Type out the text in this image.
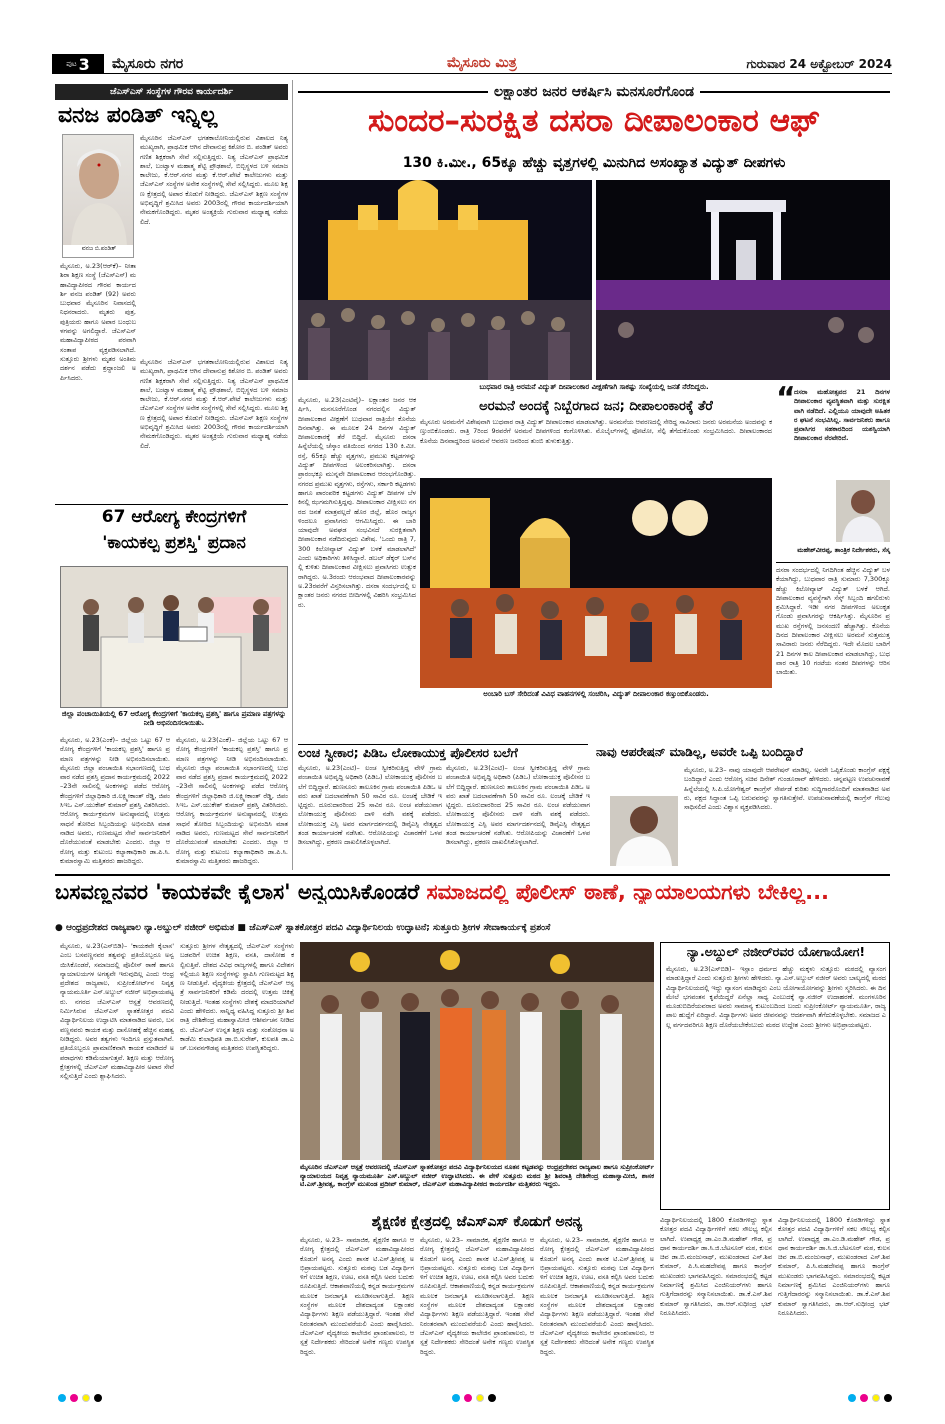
ಪುಟ 3 ಮೈಸೂರು ನಗರ	ಮೈಸೂರು ಮಿತ್ರ	ಗುರುವಾರ 24 ಅಕ್ಟೋಬರ್ 2024
ಜೆಎಸ್‌ಎಸ್ ಸಂಸ್ಥೆಗಳ ಗೌರವ ಕಾರ್ಯದರ್ಶಿ
ವನಜ ಪಂಡಿತ್ ಇನ್ನಿಲ್ಲ
ವನಜ ಬಿ.ಪಂಡಿತ್
ಮೈಸೂರಿನ ಜೆಎಸ್‌ಎಸ್ ಭಗತಕಾಲೋನಿಯಲ್ಲಿರುವ ವಿಶಾಲದ ನಿತ್ಯ ಮುಖ್ಯರಾಗಿ, ಪ್ರಾಥಮಿಕ ಆಗಿನ ದೇವಾನುಪ್ರ ಕಿಶೋರ ಬಿ. ಪಂಡಿತ್ ಅವರು ಗಣಿತ ಶಿಕ್ಷಕರಾಗಿ ಸೇವೆ ಸಲ್ಲಿಸುತ್ತಿದ್ದರು. ನಿತ್ಯ ಜೆಎಸ್‌ಎಸ್ ಪ್ರಾಥಮಿಕ ಶಾಲೆ, ಬಂಟ್ವಾಳ ಮಹಾತ್ಮ ಶೆಟ್ಟಿ ಪ್ರೌಢಶಾಲೆ, ಬಿಬ್ಬಿಸ್ಥಳದ ಬಳಿ ಸಮಾಜ ಕಾಲೇಜು, ಕೆ.ಆರ್.ನಗರ ಮತ್ತು ಕೆ.ಆರ್.ಪೇಟೆ ಕಾಲೇಜುಗಳು ಮತ್ತು ಜೆಎಸ್‌ಎಸ್ ಸಂಸ್ಥೆಗಳ ಅನೇಕ ಸಂಸ್ಥೆಗಳಲ್ಲಿ ಸೇವೆ ಸಲ್ಲಿಸಿದ್ದರು. ಮೂಲ ಶಿಕ್ಷಣ ಕ್ಷೇತ್ರದಲ್ಲಿ ಅಪಾರ ಕೊಡುಗೆ ನೀಡಿದ್ದರು. ಜೆಎಸ್‌ಎಸ್ ಶಿಕ್ಷಣ ಸಂಸ್ಥೆಗಳ ಅಭಿವೃದ್ಧಿಗೆ ಶ್ರಮಿಸಿದ ಅವರು 2003ರಲ್ಲಿ ಗೌರವ ಕಾರ್ಯದರ್ಶಿಯಾಗಿ ನೇಮಕಗೊಂಡಿದ್ದರು. ಮೃತರ ಅಂತ್ಯಕ್ರಿಯೆ ಗುರುವಾರ ಮಧ್ಯಾಹ್ನ ನಡೆಯಲಿದೆ.
ಮೈಸೂರು, ಅ.23(ಆರ್‌ಕೆ)– ನೀತಾ ಶಿರಾ ಶಿಕ್ಷಣ ಸಂಸ್ಥೆ (ಜೆಎಸ್‌ಎಸ್) ಮಹಾವಿದ್ಯಾಪೀಠದ ಗೌರವ ಕಾರ್ಯದರ್ಶಿ ವನಜ ಪಂಡಿತ್ (92) ಅವರು ಬುಧವಾರ ಮೈಸೂರಿನ ನಿವಾಸದಲ್ಲಿ ನಿಧನರಾದರು. ಮೃತರು ಪುತ್ರ, ಪುತ್ರಿಯರು ಹಾಗೂ ಅಪಾರ ಬಂಧುಬಳಗವನ್ನು ಅಗಲಿದ್ದಾರೆ. ಜೆಎಸ್‌ಎಸ್ ಮಹಾವಿದ್ಯಾಪೀಠದ ಪರವಾಗಿ ಸಂತಾಪ ವ್ಯಕ್ತಪಡಿಸಲಾಗಿದೆ. ಸುತ್ತೂರು ಶ್ರೀಗಳು ಮೃತರ ಅಂತಿಮ ದರ್ಶನ ಪಡೆದು ಶ್ರದ್ಧಾಂಜಲಿ ಅರ್ಪಿಸಿದರು.
ಮೈಸೂರಿನ ಜೆಎಸ್‌ಎಸ್ ಭಗತಕಾಲೋನಿಯಲ್ಲಿರುವ ವಿಶಾಲದ ನಿತ್ಯ ಮುಖ್ಯರಾಗಿ, ಪ್ರಾಥಮಿಕ ಆಗಿನ ದೇವಾನುಪ್ರ ಕಿಶೋರ ಬಿ. ಪಂಡಿತ್ ಅವರು ಗಣಿತ ಶಿಕ್ಷಕರಾಗಿ ಸೇವೆ ಸಲ್ಲಿಸುತ್ತಿದ್ದರು. ನಿತ್ಯ ಜೆಎಸ್‌ಎಸ್ ಪ್ರಾಥಮಿಕ ಶಾಲೆ, ಬಂಟ್ವಾಳ ಮಹಾತ್ಮ ಶೆಟ್ಟಿ ಪ್ರೌಢಶಾಲೆ, ಬಿಬ್ಬಿಸ್ಥಳದ ಬಳಿ ಸಮಾಜ ಕಾಲೇಜು, ಕೆ.ಆರ್.ನಗರ ಮತ್ತು ಕೆ.ಆರ್.ಪೇಟೆ ಕಾಲೇಜುಗಳು ಮತ್ತು ಜೆಎಸ್‌ಎಸ್ ಸಂಸ್ಥೆಗಳ ಅನೇಕ ಸಂಸ್ಥೆಗಳಲ್ಲಿ ಸೇವೆ ಸಲ್ಲಿಸಿದ್ದರು. ಮೂಲ ಶಿಕ್ಷಣ ಕ್ಷೇತ್ರದಲ್ಲಿ ಅಪಾರ ಕೊಡುಗೆ ನೀಡಿದ್ದರು. ಜೆಎಸ್‌ಎಸ್ ಶಿಕ್ಷಣ ಸಂಸ್ಥೆಗಳ ಅಭಿವೃದ್ಧಿಗೆ ಶ್ರಮಿಸಿದ ಅವರು 2003ರಲ್ಲಿ ಗೌರವ ಕಾರ್ಯದರ್ಶಿಯಾಗಿ ನೇಮಕಗೊಂಡಿದ್ದರು. ಮೃತರ ಅಂತ್ಯಕ್ರಿಯೆ ಗುರುವಾರ ಮಧ್ಯಾಹ್ನ ನಡೆಯಲಿದೆ.
67 ಆರೋಗ್ಯ ಕೇಂದ್ರಗಳಿಗೆ
'ಕಾಯಕಲ್ಪ ಪ್ರಶಸ್ತಿ' ಪ್ರದಾನ
ಜಿಲ್ಲಾ ಪಂಚಾಯಿತಿಯಲ್ಲಿ 67 ಆರೋಗ್ಯ ಕೇಂದ್ರಗಳಿಗೆ 'ಕಾಯಕಲ್ಪ ಪ್ರಶಸ್ತಿ' ಹಾಗೂ ಪ್ರಮಾಣ ಪತ್ರಗಳನ್ನು ನೀಡಿ ಅಭಿನಂದಿಸಲಾಯಿತು.
ಮೈಸೂರು, ಅ.23(ಎಂಕೆ)– ಜಿಲ್ಲೆಯ ಒಟ್ಟು 67 ಆರೋಗ್ಯ ಕೇಂದ್ರಗಳಿಗೆ 'ಕಾಯಕಲ್ಪ ಪ್ರಶಸ್ತಿ' ಹಾಗೂ ಪ್ರಮಾಣ ಪತ್ರಗಳನ್ನು ನೀಡಿ ಅಭಿನಂದಿಸಲಾಯಿತು. ಮೈಸೂರು ಜಿಲ್ಲಾ ಪಂಚಾಯಿತಿ ಸಭಾಂಗಣದಲ್ಲಿ ಬುಧವಾರ ನಡೆದ ಪ್ರಶಸ್ತಿ ಪ್ರದಾನ ಕಾರ್ಯಕ್ರಮದಲ್ಲಿ 2022–23ನೇ ಸಾಲಿನಲ್ಲಿ ಅಂಕಗಳನ್ನು ಪಡೆದ ಆರೋಗ್ಯ ಕೇಂದ್ರಗಳಿಗೆ ಜಿಲ್ಲಾಧಿಕಾರಿ ಜಿ.ಲಕ್ಷ್ಮೀಕಾಂತ್ ರೆಡ್ಡಿ, ಜಿಪಂ ಸಿಇಒ ಎಸ್.ಯುಕೇಶ್ ಕುಮಾರ್ ಪ್ರಶಸ್ತಿ ವಿತರಿಸಿದರು. ಆರೋಗ್ಯ ಕಾರ್ಯಕ್ರಮಗಳ ಅನುಷ್ಠಾನದಲ್ಲಿ ಉತ್ತಮ ಸಾಧನೆ ತೋರಿದ ಸಿಬ್ಬಂದಿಯನ್ನು ಅಭಿನಂದಿಸಿ ಮಾತನಾಡಿದ ಅವರು, ಗುಣಮಟ್ಟದ ಸೇವೆ ಸಾರ್ವಜನಿಕರಿಗೆ ದೊರೆಯುವಂತೆ ಮಾಡಬೇಕು ಎಂದರು. ಜಿಲ್ಲಾ ಆರೋಗ್ಯ ಮತ್ತು ಕುಟುಂಬ ಕಲ್ಯಾಣಾಧಿಕಾರಿ ಡಾ.ಪಿ.ಸಿ.ಕುಮಾರಸ್ವಾಮಿ ಮತ್ತಿತರರು ಹಾಜರಿದ್ದರು.
ಮೈಸೂರು, ಅ.23(ಎಂಕೆ)– ಜಿಲ್ಲೆಯ ಒಟ್ಟು 67 ಆರೋಗ್ಯ ಕೇಂದ್ರಗಳಿಗೆ 'ಕಾಯಕಲ್ಪ ಪ್ರಶಸ್ತಿ' ಹಾಗೂ ಪ್ರಮಾಣ ಪತ್ರಗಳನ್ನು ನೀಡಿ ಅಭಿನಂದಿಸಲಾಯಿತು. ಮೈಸೂರು ಜಿಲ್ಲಾ ಪಂಚಾಯಿತಿ ಸಭಾಂಗಣದಲ್ಲಿ ಬುಧವಾರ ನಡೆದ ಪ್ರಶಸ್ತಿ ಪ್ರದಾನ ಕಾರ್ಯಕ್ರಮದಲ್ಲಿ 2022–23ನೇ ಸಾಲಿನಲ್ಲಿ ಅಂಕಗಳನ್ನು ಪಡೆದ ಆರೋಗ್ಯ ಕೇಂದ್ರಗಳಿಗೆ ಜಿಲ್ಲಾಧಿಕಾರಿ ಜಿ.ಲಕ್ಷ್ಮೀಕಾಂತ್ ರೆಡ್ಡಿ, ಜಿಪಂ ಸಿಇಒ ಎಸ್.ಯುಕೇಶ್ ಕುಮಾರ್ ಪ್ರಶಸ್ತಿ ವಿತರಿಸಿದರು. ಆರೋಗ್ಯ ಕಾರ್ಯಕ್ರಮಗಳ ಅನುಷ್ಠಾನದಲ್ಲಿ ಉತ್ತಮ ಸಾಧನೆ ತೋರಿದ ಸಿಬ್ಬಂದಿಯನ್ನು ಅಭಿನಂದಿಸಿ ಮಾತನಾಡಿದ ಅವರು, ಗುಣಮಟ್ಟದ ಸೇವೆ ಸಾರ್ವಜನಿಕರಿಗೆ ದೊರೆಯುವಂತೆ ಮಾಡಬೇಕು ಎಂದರು. ಜಿಲ್ಲಾ ಆರೋಗ್ಯ ಮತ್ತು ಕುಟುಂಬ ಕಲ್ಯಾಣಾಧಿಕಾರಿ ಡಾ.ಪಿ.ಸಿ.ಕುಮಾರಸ್ವಾಮಿ ಮತ್ತಿತರರು ಹಾಜರಿದ್ದರು.
ಲಕ್ಷಾಂತರ ಜನರ ಆಕರ್ಷಿಸಿ ಮನಸೂರೆಗೊಂಡ
ಸುಂದರ–ಸುರಕ್ಷಿತ ದಸರಾ ದೀಪಾಲಂಕಾರ ಆಫ್
130 ಕಿ.ಮೀ., 65ಕ್ಕೂ ಹೆಚ್ಚು ವೃತ್ತಗಳಲ್ಲಿ ಮಿನುಗಿದ ಅಸಂಖ್ಯಾತ ವಿದ್ಯುತ್ ದೀಪಗಳು
ಬುಧವಾರ ರಾತ್ರಿ ಅರಮನೆ ವಿದ್ಯುತ್ ದೀಪಾಲಂಕಾರ ವೀಕ್ಷಣೆಗಾಗಿ ಸಾಕಷ್ಟು ಸಂಖ್ಯೆಯಲ್ಲಿ ಜನತೆ ನೆರೆದಿದ್ದರು.
ಮೈಸೂರು, ಅ.23(ಎಂಟಿವೈ)– ಲಕ್ಷಾಂತರ ಜನರ ಆಕರ್ಷಿಸಿ, ಮನಸೂರೆಗೊಂಡ ನಗರದಲ್ಲಿನ ವಿದ್ಯುತ್ ದೀಪಾಲಂಕಾರ ವೀಕ್ಷಣೆಗೆ ಬುಧವಾರ ರಾತ್ರಿಯೇ ಕೊನೆಯ ದಿನವಾಗಿತ್ತು. ಈ ಮೂಲಕ 24 ದಿನಗಳ ವಿದ್ಯುತ್ ದೀಪಾಲಂಕಾರಕ್ಕೆ ತೆರೆ ಬಿದ್ದಿದೆ. ಮೈಸೂರು ದಸರಾ ಹಿನ್ನೆಲೆಯಲ್ಲಿ ಚೆಸ್ಕಾಂ ವತಿಯಿಂದ ನಗರದ 130 ಕಿ.ಮೀ. ರಸ್ತೆ, 65ಕ್ಕೂ ಹೆಚ್ಚು ವೃತ್ತಗಳು, ಪ್ರಮುಖ ಕಟ್ಟಡಗಳನ್ನು ವಿದ್ಯುತ್ ದೀಪಗಳಿಂದ ಅಲಂಕರಿಸಲಾಗಿತ್ತು. ದಸರಾ ಪ್ರಾರಂಭಕ್ಕೂ ಮುನ್ನವೇ ದೀಪಾಲಂಕಾರ ಆರಂಭಗೊಂಡಿತ್ತು. ನಗರದ ಪ್ರಮುಖ ವೃತ್ತಗಳು, ರಸ್ತೆಗಳು, ಸರ್ಕಾರಿ ಕಟ್ಟಡಗಳು ಹಾಗೂ ಪಾರಂಪರಿಕ ಕಟ್ಟಡಗಳು ವಿದ್ಯುತ್ ದೀಪಗಳ ಬೆಳಕಿನಲ್ಲಿ ಝಗಮಗಿಸುತ್ತಿದ್ದವು. ದೀಪಾಲಂಕಾರ ವೀಕ್ಷಿಸಲು ನಗರದ ಜನತೆ ಮಾತ್ರವಲ್ಲದೆ ಹೊರ ಜಿಲ್ಲೆ, ಹೊರ ರಾಜ್ಯಗಳಿಂದಲೂ ಪ್ರವಾಸಿಗರು ಆಗಮಿಸಿದ್ದರು. ಈ ಬಾರಿ ಯಾವುದೇ ಅವಘಡ ಸಂಭವಿಸದೆ ಸುರಕ್ಷಿತವಾಗಿ ದೀಪಾಲಂಕಾರ ನಡೆದಿರುವುದು ವಿಶೇಷ. 'ಒಂದು ರಾತ್ರಿ 7,300 ಕಿಲೋವ್ಯಾಟ್ ವಿದ್ಯುತ್ ಬಳಕೆ ಮಾಡಲಾಗಿದೆ' ಎಂದು ಅಧಿಕಾರಿಗಳು ತಿಳಿಸಿದ್ದಾರೆ. ಡಬಲ್ ಡೆಕ್ಕರ್ ಬಸ್‌ನಲ್ಲಿ ಕುಳಿತು ದೀಪಾಲಂಕಾರ ವೀಕ್ಷಿಸಲು ಪ್ರವಾಸಿಗರು ಉತ್ಸುಕರಾಗಿದ್ದರು. ಅ.3ರಂದು ಆರಂಭವಾದ ದೀಪಾಲಂಕಾರವನ್ನು ಅ.23ರವರೆಗೆ ವಿಸ್ತರಿಸಲಾಗಿತ್ತು. ದಸರಾ ಸಂದರ್ಭದಲ್ಲಿ ಲಕ್ಷಾಂತರ ಜನರು ನಗರದ ಬೀದಿಗಳಲ್ಲಿ ವಿಹರಿಸಿ ಸಂಭ್ರಮಿಸಿದರು.
ಅರಮನೆ ಅಂದಕ್ಕೆ ನಿಬ್ಬೆರಗಾದ ಜನ; ದೀಪಾಲಂಕಾರಕ್ಕೆ ತೆರೆ
ಮೈಸೂರು ಅರಮನೆಗೆ ವಿಶೇಷವಾಗಿ ಬುಧವಾರ ರಾತ್ರಿ ವಿದ್ಯುತ್ ದೀಪಾಲಂಕಾರ ಮಾಡಲಾಗಿತ್ತು. ಅರಮನೆಯ ಆವರಣದಲ್ಲಿ ಸೇರಿದ್ದ ಸಾವಿರಾರು ಜನರು ಅರಮನೆಯ ಅಂದವನ್ನು ಕಣ್ತುಂಬಿಕೊಂಡರು. ರಾತ್ರಿ 7ರಿಂದ 9ರವರೆಗೆ ಅರಮನೆ ದೀಪಗಳಿಂದ ಕಂಗೊಳಿಸಿತು. ಮೊಬೈಲ್‌ಗಳಲ್ಲಿ ಫೋಟೋ, ಸೆಲ್ಫಿ ತೆಗೆದುಕೊಂಡು ಸಂಭ್ರಮಿಸಿದರು. ದೀಪಾಲಂಕಾರದ ಕೊನೆಯ ದಿನವಾದ್ದರಿಂದ ಅರಮನೆ ಆವರಣ ಜನರಿಂದ ತುಂಬಿ ತುಳುಕುತ್ತಿತ್ತು.
ಅಂಬಾರಿ ಬಸ್ ಸೇರಿದಂತೆ ವಿವಿಧ ವಾಹನಗಳಲ್ಲಿ ಸಂಚರಿಸಿ, ವಿದ್ಯುತ್ ದೀಪಾಲಂಕಾರ ಕಣ್ತುಂಬಿಕೊಂಡರು.
“
ದಸರಾ ಮಹೋತ್ಸವದ 21 ದಿನಗಳ ದೀಪಾಲಂಕಾರ ವ್ಯವಸ್ಥಿತವಾಗಿ ಮತ್ತು ಸುರಕ್ಷಿತವಾಗಿ ನಡೆದಿದೆ. ಎಲ್ಲಿಯೂ ಯಾವುದೇ ಅಹಿತಕರ ಘಟನೆ ಸಂಭವಿಸಿಲ್ಲ. ಸಾರ್ವಜನಿಕರು ಹಾಗೂ ಪ್ರವಾಸಿಗರ ಸಹಕಾರದಿಂದ ಯಶಸ್ವಿಯಾಗಿ ದೀಪಾಲಂಕಾರ ನೆರವೇರಿದೆ.
ಮಹೇಶ್‌ವೀರಪ್ಪ, ತಾಂತ್ರಿಕ ನಿರ್ದೇಶಕರು, ಸೆಸ್ಕ
ದಸರಾ ಸಂದರ್ಭದಲ್ಲಿ ನಿಗದಿಗಿಂತ ಹೆಚ್ಚಿನ ವಿದ್ಯುತ್ ಬಳಕೆಯಾಗಿದ್ದು, ಬುಧವಾರ ರಾತ್ರಿ ಸುಮಾರು 7,300ಕ್ಕೂ ಹೆಚ್ಚು ಕಿಲೋವ್ಯಾಟ್ ವಿದ್ಯುತ್ ಬಳಕೆ ಆಗಿದೆ. ದೀಪಾಲಂಕಾರ ವ್ಯವಸ್ಥೆಗಾಗಿ ಸೆಸ್ಕ್ ಸಿಬ್ಬಂದಿ ಹಗಲಿರುಳು ಶ್ರಮಿಸಿದ್ದಾರೆ. ಇಡೀ ನಗರ ದೀಪಗಳಿಂದ ಅಲಂಕೃತಗೊಂಡು ಪ್ರವಾಸಿಗರನ್ನು ಆಕರ್ಷಿಸಿತ್ತು. ಮೈಸೂರಿನ ಪ್ರಮುಖ ರಸ್ತೆಗಳಲ್ಲಿ ಜನಸಂದಣಿ ಹೆಚ್ಚಾಗಿತ್ತು. ಕೊನೆಯ ದಿನದ ದೀಪಾಲಂಕಾರ ವೀಕ್ಷಿಸಲು ಅರಮನೆ ಸುತ್ತಮುತ್ತ ಸಾವಿರಾರು ಜನರು ನೆರೆದಿದ್ದರು. ಇದೇ ಮೊದಲ ಬಾರಿಗೆ 21 ದಿನಗಳ ಕಾಲ ದೀಪಾಲಂಕಾರ ಮಾಡಲಾಗಿದ್ದು, ಬುಧವಾರ ರಾತ್ರಿ 10 ಗಂಟೆಯ ನಂತರ ದೀಪಗಳನ್ನು ಆರಿಸಲಾಯಿತು.
ಲಂಚ ಸ್ವೀಕಾರ; ಪಿಡಿಒ ಲೋಕಾಯುಕ್ತ ಪೊಲೀಸರ ಬಲೆಗೆ
ಮೈಸೂರು, ಅ.23(ಎಂಟಿ)– ಲಂಚ ಸ್ವೀಕರಿಸುತ್ತಿದ್ದ ವೇಳೆ ಗ್ರಾಮ ಪಂಚಾಯಿತಿ ಅಭಿವೃದ್ಧಿ ಅಧಿಕಾರಿ (ಪಿಡಿಒ) ಲೋಕಾಯುಕ್ತ ಪೊಲೀಸರ ಬಲೆಗೆ ಬಿದ್ದಿದ್ದಾರೆ. ಹುಣಸೂರು ತಾಲೂಕಿನ ಗ್ರಾಮ ಪಂಚಾಯಿತಿ ಪಿಡಿಒ ಅವರು ಖಾತೆ ಬದಲಾವಣೆಗಾಗಿ 50 ಸಾವಿರ ರೂ. ಲಂಚಕ್ಕೆ ಬೇಡಿಕೆ ಇಟ್ಟಿದ್ದರು. ದೂರುದಾರರಿಂದ 25 ಸಾವಿರ ರೂ. ಲಂಚ ಪಡೆಯುವಾಗ ಲೋಕಾಯುಕ್ತ ಪೊಲೀಸರು ದಾಳಿ ನಡೆಸಿ ವಶಕ್ಕೆ ಪಡೆದರು. ಲೋಕಾಯುಕ್ತ ಎಸ್ಪಿ ಅವರ ಮಾರ್ಗದರ್ಶನದಲ್ಲಿ ಡಿವೈಎಸ್ಪಿ ನೇತೃತ್ವದ ತಂಡ ಕಾರ್ಯಾಚರಣೆ ನಡೆಸಿತು. ಆರೋಪಿಯನ್ನು ವಿಚಾರಣೆಗೆ ಒಳಪಡಿಸಲಾಗಿದ್ದು, ಪ್ರಕರಣ ದಾಖಲಿಸಿಕೊಳ್ಳಲಾಗಿದೆ.
ಮೈಸೂರು, ಅ.23(ಎಂಟಿ)– ಲಂಚ ಸ್ವೀಕರಿಸುತ್ತಿದ್ದ ವೇಳೆ ಗ್ರಾಮ ಪಂಚಾಯಿತಿ ಅಭಿವೃದ್ಧಿ ಅಧಿಕಾರಿ (ಪಿಡಿಒ) ಲೋಕಾಯುಕ್ತ ಪೊಲೀಸರ ಬಲೆಗೆ ಬಿದ್ದಿದ್ದಾರೆ. ಹುಣಸೂರು ತಾಲೂಕಿನ ಗ್ರಾಮ ಪಂಚಾಯಿತಿ ಪಿಡಿಒ ಅವರು ಖಾತೆ ಬದಲಾವಣೆಗಾಗಿ 50 ಸಾವಿರ ರೂ. ಲಂಚಕ್ಕೆ ಬೇಡಿಕೆ ಇಟ್ಟಿದ್ದರು. ದೂರುದಾರರಿಂದ 25 ಸಾವಿರ ರೂ. ಲಂಚ ಪಡೆಯುವಾಗ ಲೋಕಾಯುಕ್ತ ಪೊಲೀಸರು ದಾಳಿ ನಡೆಸಿ ವಶಕ್ಕೆ ಪಡೆದರು. ಲೋಕಾಯುಕ್ತ ಎಸ್ಪಿ ಅವರ ಮಾರ್ಗದರ್ಶನದಲ್ಲಿ ಡಿವೈಎಸ್ಪಿ ನೇತೃತ್ವದ ತಂಡ ಕಾರ್ಯಾಚರಣೆ ನಡೆಸಿತು. ಆರೋಪಿಯನ್ನು ವಿಚಾರಣೆಗೆ ಒಳಪಡಿಸಲಾಗಿದ್ದು, ಪ್ರಕರಣ ದಾಖಲಿಸಿಕೊಳ್ಳಲಾಗಿದೆ.
ನಾವು ಆಪರೇಷನ್ ಮಾಡಿಲ್ಲ, ಅವರೇ ಒಪ್ಪಿ ಬಂದಿದ್ದಾರೆ
ಮೈಸೂರು, ಅ.23– ನಾವು ಯಾವುದೇ ಆಪರೇಷನ್ ಮಾಡಿಲ್ಲ. ಅವರೇ ಒಪ್ಪಿಕೊಂಡು ಕಾಂಗ್ರೆಸ್ ಪಕ್ಷಕ್ಕೆ ಬಂದಿದ್ದಾರೆ ಎಂದು ಆರೋಗ್ಯ ಸಚಿವ ದಿನೇಶ್ ಗುಂಡೂರಾವ್ ಹೇಳಿದರು. ಚನ್ನಪಟ್ಟಣ ಉಪಚುನಾವಣೆ ಹಿನ್ನೆಲೆಯಲ್ಲಿ ಸಿ.ಪಿ.ಯೋಗೇಶ್ವರ್ ಕಾಂಗ್ರೆಸ್ ಸೇರ್ಪಡೆ ಕುರಿತು ಸುದ್ದಿಗಾರರೊಂದಿಗೆ ಮಾತನಾಡಿದ ಅವರು, ಪಕ್ಷದ ಸಿದ್ಧಾಂತ ಒಪ್ಪಿ ಬರುವವರನ್ನು ಸ್ವಾಗತಿಸುತ್ತೇವೆ. ಉಪಚುನಾವಣೆಯಲ್ಲಿ ಕಾಂಗ್ರೆಸ್ ಗೆಲುವು ಸಾಧಿಸಲಿದೆ ಎಂದು ವಿಶ್ವಾಸ ವ್ಯಕ್ತಪಡಿಸಿದರು.
ಬಸವಣ್ಣನವರ 'ಕಾಯಕವೇ ಕೈಲಾಸ' ಅನ್ವಯಿಸಿಕೊಂಡರೆ ಸಮಾಜದಲ್ಲಿ ಪೊಲೀಸ್ ಠಾಣೆ, ನ್ಯಾಯಾಲಯಗಳು ಬೇಕಿಲ್ಲ...
● ಆಂಧ್ರಪ್ರದೇಶದ ರಾಜ್ಯಪಾಲ ನ್ಯಾ.ಅಬ್ದುಲ್ ನಜೀರ್ ಅಭಿಮತ ■ ಜೆಎಸ್‌ಎಸ್ ಸ್ನಾತಕೋತ್ತರ ಪದವಿ ವಿದ್ಯಾರ್ಥಿನಿಲಯ ಉದ್ಘಾಟನೆ; ಸುತ್ತೂರು ಶ್ರೀಗಳ ಸೇವಾಕಾರ್ಯಕ್ಕೆ ಪ್ರಶಂಸೆ
ಮೈಸೂರು, ಅ.23(ಎಸ್‌ಬಿಡಿ)– 'ಕಾಯಕವೇ ಕೈಲಾಸ' ಎಂಬ ಬಸವಣ್ಣನವರ ತತ್ವವನ್ನು ಪ್ರತಿಯೊಬ್ಬರೂ ಅನ್ವಯಿಸಿಕೊಂಡರೆ, ಸಮಾಜದಲ್ಲಿ ಪೊಲೀಸ್ ಠಾಣೆ ಹಾಗೂ ನ್ಯಾಯಾಲಯಗಳ ಅಗತ್ಯವೇ ಇರುವುದಿಲ್ಲ ಎಂದು ಆಂಧ್ರಪ್ರದೇಶದ ರಾಜ್ಯಪಾಲ, ಸುಪ್ರೀಂಕೋರ್ಟ್‌ನ ನಿವೃತ್ತ ನ್ಯಾಯಮೂರ್ತಿ ಎಸ್.ಅಬ್ದುಲ್ ನಜೀರ್ ಅಭಿಪ್ರಾಯಪಟ್ಟರು. ನಗರದ ಜೆಎಸ್‌ಎಸ್ ಆಸ್ಪತ್ರೆ ಆವರಣದಲ್ಲಿ ನಿರ್ಮಿಸಿರುವ ಜೆಎಸ್‌ಎಸ್ ಸ್ನಾತಕೋತ್ತರ ಪದವಿ ವಿದ್ಯಾರ್ಥಿನಿಲಯ ಉದ್ಘಾಟಿಸಿ ಮಾತನಾಡಿದ ಅವರು, ಬಸವಣ್ಣನವರು ಕಾಯಕ ಮತ್ತು ದಾಸೋಹಕ್ಕೆ ಹೆಚ್ಚಿನ ಮಹತ್ವ ನೀಡಿದ್ದರು. ಅವರ ತತ್ವಗಳು ಇಂದಿಗೂ ಪ್ರಸ್ತುತವಾಗಿವೆ. ಪ್ರತಿಯೊಬ್ಬರೂ ಪ್ರಾಮಾಣಿಕವಾಗಿ ಕಾಯಕ ಮಾಡಿದರೆ ಅಪರಾಧಗಳು ಕಡಿಮೆಯಾಗುತ್ತವೆ. ಶಿಕ್ಷಣ ಮತ್ತು ಆರೋಗ್ಯ ಕ್ಷೇತ್ರಗಳಲ್ಲಿ ಜೆಎಸ್‌ಎಸ್ ಮಹಾವಿದ್ಯಾಪೀಠ ಅಪಾರ ಸೇವೆ ಸಲ್ಲಿಸುತ್ತಿದೆ ಎಂದು ಶ್ಲಾಘಿಸಿದರು.
ಸುತ್ತೂರು ಶ್ರೀಗಳ ನೇತೃತ್ವದಲ್ಲಿ ಜೆಎಸ್‌ಎಸ್ ಸಂಸ್ಥೆಗಳು ಬಡವರಿಗೆ ಉಚಿತ ಶಿಕ್ಷಣ, ವಸತಿ, ದಾಸೋಹ ಕಲ್ಪಿಸುತ್ತಿವೆ. ದೇಶದ ವಿವಿಧ ರಾಜ್ಯಗಳಲ್ಲಿ ಹಾಗೂ ವಿದೇಶಗಳಲ್ಲಿಯೂ ಶಿಕ್ಷಣ ಸಂಸ್ಥೆಗಳನ್ನು ಸ್ಥಾಪಿಸಿ ಗುಣಮಟ್ಟದ ಶಿಕ್ಷಣ ನೀಡುತ್ತಿವೆ. ವೈದ್ಯಕೀಯ ಕ್ಷೇತ್ರದಲ್ಲಿ ಜೆಎಸ್‌ಎಸ್ ಆಸ್ಪತ್ರೆ ಸಾರ್ವಜನಿಕರಿಗೆ ಕಡಿಮೆ ದರದಲ್ಲಿ ಉತ್ತಮ ಚಿಕಿತ್ಸೆ ನೀಡುತ್ತಿದೆ. ಇಂತಹ ಸಂಸ್ಥೆಗಳು ದೇಶಕ್ಕೆ ಮಾದರಿಯಾಗಿವೆ ಎಂದು ಹೇಳಿದರು. ಸಾನ್ನಿಧ್ಯ ವಹಿಸಿದ್ದ ಸುತ್ತೂರು ಶ್ರೀ ಶಿವರಾತ್ರಿ ದೇಶಿಕೇಂದ್ರ ಮಹಾಸ್ವಾಮೀಜಿ ಆಶೀರ್ವಚನ ನೀಡಿದರು. ಜೆಎಸ್‌ಎಸ್ ಉನ್ನತ ಶಿಕ್ಷಣ ಮತ್ತು ಸಂಶೋಧನಾ ಅಕಾಡೆಮಿ ಕುಲಾಧಿಪತಿ ಡಾ.ಬಿ.ಸುರೇಶ್, ಕುಲಪತಿ ಡಾ.ಎಚ್.ಬಸವನಗೌಡಪ್ಪ ಮತ್ತಿತರರು ಉಪಸ್ಥಿತರಿದ್ದರು.
ಮೈಸೂರಿನ ಜೆಎಸ್‌ಎಸ್ ಆಸ್ಪತ್ರೆ ಆವರಣದಲ್ಲಿ ಜೆಎಸ್‌ಎಸ್ ಸ್ನಾತಕೋತ್ತರ ಪದವಿ ವಿದ್ಯಾರ್ಥಿನಿಲಯದ ನೂತನ ಕಟ್ಟಡವನ್ನು ಆಂಧ್ರಪ್ರದೇಶದ ರಾಜ್ಯಪಾಲ ಹಾಗೂ ಸುಪ್ರೀಂಕೋರ್ಟ್ ನ್ಯಾಯಾಲಯದ ನಿವೃತ್ತ ನ್ಯಾಯಮೂರ್ತಿ ಎಸ್.ಅಬ್ದುಲ್ ನಜೀರ್ ಉದ್ಘಾಟಿಸಿದರು. ಈ ವೇಳೆ ಸುತ್ತೂರು ಮಠದ ಶ್ರೀ ಶಿವರಾತ್ರಿ ದೇಶಿಕೇಂದ್ರ ಮಹಾಸ್ವಾಮೀಜಿ, ಶಾಸಕ ಟಿ.ಎಸ್.ಶ್ರೀವತ್ಸ, ಕಾಂಗ್ರೆಸ್ ಮುಖಂಡ ಪ್ರದೀಪ್ ಕುಮಾರ್, ಜೆಎಸ್‌ಎಸ್ ಮಹಾವಿದ್ಯಾಪೀಠದ ಕಾರ್ಯದರ್ಶಿ ಮತ್ತಿತರರು ಇದ್ದರು.
ಶೈಕ್ಷಣಿಕ ಕ್ಷೇತ್ರದಲ್ಲಿ ಜೆಎಸ್‌ಎಸ್ ಕೊಡುಗೆ ಅನನ್ಯ
ಮೈಸೂರು, ಅ.23– ಸಾಮಾಜಿಕ, ಶೈಕ್ಷಣಿಕ ಹಾಗೂ ಆರೋಗ್ಯ ಕ್ಷೇತ್ರದಲ್ಲಿ ಜೆಎಸ್‌ಎಸ್ ಮಹಾವಿದ್ಯಾಪೀಠದ ಕೊಡುಗೆ ಅನನ್ಯ ಎಂದು ಶಾಸಕ ಟಿ.ಎಸ್.ಶ್ರೀವತ್ಸ ಅಭಿಪ್ರಾಯಪಟ್ಟರು. ಸುತ್ತೂರು ಮಠವು ಬಡ ವಿದ್ಯಾರ್ಥಿಗಳಿಗೆ ಉಚಿತ ಶಿಕ್ಷಣ, ಊಟ, ವಸತಿ ಕಲ್ಪಿಸಿ ಅವರ ಬದುಕು ರೂಪಿಸುತ್ತಿದೆ. ಆಕಾಶವಾಣಿಯಲ್ಲಿ ಕನ್ನಡ ಕಾರ್ಯಕ್ರಮಗಳ ಮೂಲಕ ಜನಜಾಗೃತಿ ಮೂಡಿಸಲಾಗುತ್ತಿದೆ. ಶಿಕ್ಷಣ ಸಂಸ್ಥೆಗಳ ಮೂಲಕ ದೇಶದಾದ್ಯಂತ ಲಕ್ಷಾಂತರ ವಿದ್ಯಾರ್ಥಿಗಳು ಶಿಕ್ಷಣ ಪಡೆಯುತ್ತಿದ್ದಾರೆ. ಇಂತಹ ಸೇವೆ ನಿರಂತರವಾಗಿ ಮುಂದುವರೆಯಲಿ ಎಂದು ಹಾರೈಸಿದರು. ಜೆಎಸ್‌ಎಸ್ ವೈದ್ಯಕೀಯ ಕಾಲೇಜಿನ ಪ್ರಾಂಶುಪಾಲರು, ಆಸ್ಪತ್ರೆ ನಿರ್ದೇಶಕರು ಸೇರಿದಂತೆ ಅನೇಕ ಗಣ್ಯರು ಉಪಸ್ಥಿತರಿದ್ದರು.
ಮೈಸೂರು, ಅ.23– ಸಾಮಾಜಿಕ, ಶೈಕ್ಷಣಿಕ ಹಾಗೂ ಆರೋಗ್ಯ ಕ್ಷೇತ್ರದಲ್ಲಿ ಜೆಎಸ್‌ಎಸ್ ಮಹಾವಿದ್ಯಾಪೀಠದ ಕೊಡುಗೆ ಅನನ್ಯ ಎಂದು ಶಾಸಕ ಟಿ.ಎಸ್.ಶ್ರೀವತ್ಸ ಅಭಿಪ್ರಾಯಪಟ್ಟರು. ಸುತ್ತೂರು ಮಠವು ಬಡ ವಿದ್ಯಾರ್ಥಿಗಳಿಗೆ ಉಚಿತ ಶಿಕ್ಷಣ, ಊಟ, ವಸತಿ ಕಲ್ಪಿಸಿ ಅವರ ಬದುಕು ರೂಪಿಸುತ್ತಿದೆ. ಆಕಾಶವಾಣಿಯಲ್ಲಿ ಕನ್ನಡ ಕಾರ್ಯಕ್ರಮಗಳ ಮೂಲಕ ಜನಜಾಗೃತಿ ಮೂಡಿಸಲಾಗುತ್ತಿದೆ. ಶಿಕ್ಷಣ ಸಂಸ್ಥೆಗಳ ಮೂಲಕ ದೇಶದಾದ್ಯಂತ ಲಕ್ಷಾಂತರ ವಿದ್ಯಾರ್ಥಿಗಳು ಶಿಕ್ಷಣ ಪಡೆಯುತ್ತಿದ್ದಾರೆ. ಇಂತಹ ಸೇವೆ ನಿರಂತರವಾಗಿ ಮುಂದುವರೆಯಲಿ ಎಂದು ಹಾರೈಸಿದರು. ಜೆಎಸ್‌ಎಸ್ ವೈದ್ಯಕೀಯ ಕಾಲೇಜಿನ ಪ್ರಾಂಶುಪಾಲರು, ಆಸ್ಪತ್ರೆ ನಿರ್ದೇಶಕರು ಸೇರಿದಂತೆ ಅನೇಕ ಗಣ್ಯರು ಉಪಸ್ಥಿತರಿದ್ದರು.
ಮೈಸೂರು, ಅ.23– ಸಾಮಾಜಿಕ, ಶೈಕ್ಷಣಿಕ ಹಾಗೂ ಆರೋಗ್ಯ ಕ್ಷೇತ್ರದಲ್ಲಿ ಜೆಎಸ್‌ಎಸ್ ಮಹಾವಿದ್ಯಾಪೀಠದ ಕೊಡುಗೆ ಅನನ್ಯ ಎಂದು ಶಾಸಕ ಟಿ.ಎಸ್.ಶ್ರೀವತ್ಸ ಅಭಿಪ್ರಾಯಪಟ್ಟರು. ಸುತ್ತೂರು ಮಠವು ಬಡ ವಿದ್ಯಾರ್ಥಿಗಳಿಗೆ ಉಚಿತ ಶಿಕ್ಷಣ, ಊಟ, ವಸತಿ ಕಲ್ಪಿಸಿ ಅವರ ಬದುಕು ರೂಪಿಸುತ್ತಿದೆ. ಆಕಾಶವಾಣಿಯಲ್ಲಿ ಕನ್ನಡ ಕಾರ್ಯಕ್ರಮಗಳ ಮೂಲಕ ಜನಜಾಗೃತಿ ಮೂಡಿಸಲಾಗುತ್ತಿದೆ. ಶಿಕ್ಷಣ ಸಂಸ್ಥೆಗಳ ಮೂಲಕ ದೇಶದಾದ್ಯಂತ ಲಕ್ಷಾಂತರ ವಿದ್ಯಾರ್ಥಿಗಳು ಶಿಕ್ಷಣ ಪಡೆಯುತ್ತಿದ್ದಾರೆ. ಇಂತಹ ಸೇವೆ ನಿರಂತರವಾಗಿ ಮುಂದುವರೆಯಲಿ ಎಂದು ಹಾರೈಸಿದರು. ಜೆಎಸ್‌ಎಸ್ ವೈದ್ಯಕೀಯ ಕಾಲೇಜಿನ ಪ್ರಾಂಶುಪಾಲರು, ಆಸ್ಪತ್ರೆ ನಿರ್ದೇಶಕರು ಸೇರಿದಂತೆ ಅನೇಕ ಗಣ್ಯರು ಉಪಸ್ಥಿತರಿದ್ದರು.
ನ್ಯಾ.ಅಬ್ದುಲ್ ನಜೀರ್‌ರವರ ಯೋಗಾಯೋಗ!
ಮೈಸೂರು, ಅ.23(ಎಸ್‌ಬಿಡಿ)– ಇಸ್ಲಾಂ ಧರ್ಮದ ಹೆಚ್ಚು ಮಕ್ಕಳು ಸುತ್ತೂರು ಮಠದಲ್ಲಿ ವ್ಯಾಸಂಗ ಮಾಡುತ್ತಿದ್ದಾರೆ ಎಂದು ಸುತ್ತೂರು ಶ್ರೀಗಳು ಹೇಳಿದರು. ನ್ಯಾ.ಎಸ್.ಅಬ್ದುಲ್ ನಜೀರ್ ಅವರು ಬಾಲ್ಯದಲ್ಲಿ ಮಠದ ವಿದ್ಯಾರ್ಥಿನಿಲಯದಲ್ಲಿ ಇದ್ದು ವ್ಯಾಸಂಗ ಮಾಡಿದ್ದರು ಎಂಬ ಯೋಗಾಯೋಗವನ್ನು ಶ್ರೀಗಳು ಸ್ಮರಿಸಿದರು. ಈ ದಿನ ಮೇಲೆ ಭಗವಂತನ ಕೃಪೆಯಿದ್ದರೆ ಏನೆಲ್ಲಾ ಸಾಧ್ಯ ಎಂಬುದಕ್ಕೆ ನ್ಯಾ.ನಜೀರ್ ಉದಾಹರಣೆ. ಮಂಗಳೂರಿನ ಮೂಡುಬಿದಿರೆಯವರಾದ ಅವರು ಸಾಮಾನ್ಯ ಕುಟುಂಬದಿಂದ ಬಂದು ಸುಪ್ರೀಂಕೋರ್ಟ್ ನ್ಯಾಯಮೂರ್ತಿ, ರಾಜ್ಯಪಾಲ ಹುದ್ದೆಗೆ ಏರಿದ್ದಾರೆ. ವಿದ್ಯಾರ್ಥಿಗಳು ಅವರ ಜೀವನವನ್ನು ಆದರ್ಶವಾಗಿ ತೆಗೆದುಕೊಳ್ಳಬೇಕು. ಸಮಾಜದ ಎಲ್ಲ ವರ್ಗದವರಿಗೂ ಶಿಕ್ಷಣ ದೊರೆಯಬೇಕೆಂಬುದು ಮಠದ ಉದ್ದೇಶ ಎಂದು ಶ್ರೀಗಳು ಅಭಿಪ್ರಾಯಪಟ್ಟರು.
ವಿದ್ಯಾರ್ಥಿನಿಲಯದಲ್ಲಿ 1800 ಕೊಠಡಿಗಳಿದ್ದು ಸ್ನಾತಕೋತ್ತರ ಪದವಿ ವಿದ್ಯಾರ್ಥಿಗಳಿಗೆ ಸಕಲ ಸೌಲಭ್ಯ ಕಲ್ಪಿಸಲಾಗಿದೆ. ಉಪಾಧ್ಯಕ್ಷ ಡಾ.ಎಂ.ಡಿ.ಮಹೇಶ್ ಗೌಡ, ಪ್ರಧಾನ ಕಾರ್ಯದರ್ಶಿ ಡಾ.ಸಿ.ಜಿ.ಬೆಟಸೂರ್ ಮಠ, ಕುಲಸಚಿವ ಡಾ.ಬಿ.ಮಂಜುನಾಥ್, ಮುಖಂಡರಾದ ಎಸ್.ಶಿವಕುಮಾರ್, ಪಿ.ಸಿ.ಮಹದೇವಪ್ಪ ಹಾಗೂ ಕಾಂಗ್ರೆಸ್ ಮುಖಂಡರು ಭಾಗವಹಿಸಿದ್ದರು. ಸಮಾರಂಭದಲ್ಲಿ ಕಟ್ಟಡ ನಿರ್ಮಾಣಕ್ಕೆ ಶ್ರಮಿಸಿದ ಎಂಜಿನಿಯರ್‌ಗಳು ಹಾಗೂ ಗುತ್ತಿಗೆದಾರರನ್ನು ಸನ್ಮಾನಿಸಲಾಯಿತು. ಡಾ.ಕೆ.ಎಸ್.ಶಿವಕುಮಾರ್ ಸ್ವಾಗತಿಸಿದರು, ಡಾ.ಆರ್.ಸುಧೀಂದ್ರ ಭಟ್ ನಿರೂಪಿಸಿದರು.
ವಿದ್ಯಾರ್ಥಿನಿಲಯದಲ್ಲಿ 1800 ಕೊಠಡಿಗಳಿದ್ದು ಸ್ನಾತಕೋತ್ತರ ಪದವಿ ವಿದ್ಯಾರ್ಥಿಗಳಿಗೆ ಸಕಲ ಸೌಲಭ್ಯ ಕಲ್ಪಿಸಲಾಗಿದೆ. ಉಪಾಧ್ಯಕ್ಷ ಡಾ.ಎಂ.ಡಿ.ಮಹೇಶ್ ಗೌಡ, ಪ್ರಧಾನ ಕಾರ್ಯದರ್ಶಿ ಡಾ.ಸಿ.ಜಿ.ಬೆಟಸೂರ್ ಮಠ, ಕುಲಸಚಿವ ಡಾ.ಬಿ.ಮಂಜುನಾಥ್, ಮುಖಂಡರಾದ ಎಸ್.ಶಿವಕುಮಾರ್, ಪಿ.ಸಿ.ಮಹದೇವಪ್ಪ ಹಾಗೂ ಕಾಂಗ್ರೆಸ್ ಮುಖಂಡರು ಭಾಗವಹಿಸಿದ್ದರು. ಸಮಾರಂಭದಲ್ಲಿ ಕಟ್ಟಡ ನಿರ್ಮಾಣಕ್ಕೆ ಶ್ರಮಿಸಿದ ಎಂಜಿನಿಯರ್‌ಗಳು ಹಾಗೂ ಗುತ್ತಿಗೆದಾರರನ್ನು ಸನ್ಮಾನಿಸಲಾಯಿತು. ಡಾ.ಕೆ.ಎಸ್.ಶಿವಕುಮಾರ್ ಸ್ವಾಗತಿಸಿದರು, ಡಾ.ಆರ್.ಸುಧೀಂದ್ರ ಭಟ್ ನಿರೂಪಿಸಿದರು.
